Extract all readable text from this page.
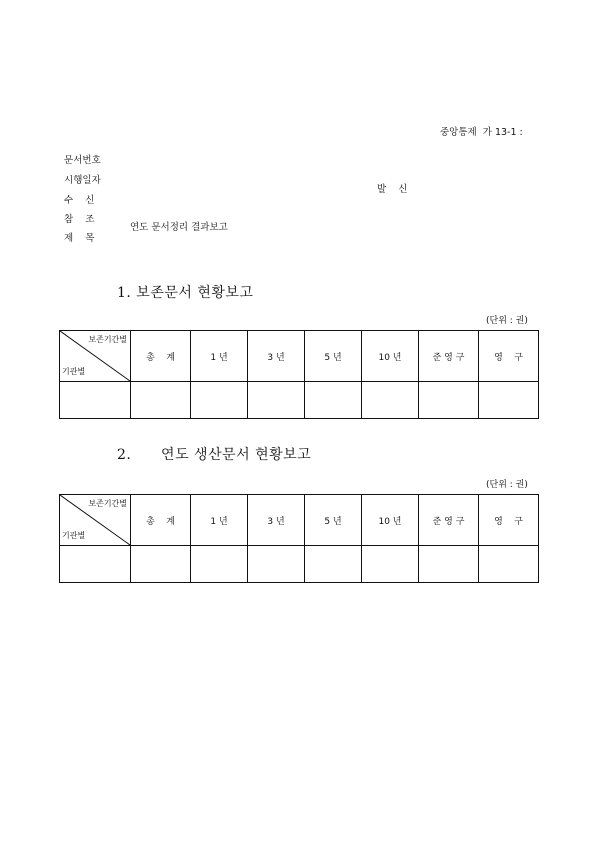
중앙통제  가 13-1 :

문서번호

시행일자

수    신

참    조

제    목

연도 문서정리 결과보고

발    신
1. 보존문서 현황보고
(단위 : 권)

보존기간별

기관별	총    계	1 년	3 년	5 년	10 년	준 영 구	영    구

2.      연도 생산문서 현황보고
(단위 : 권)

보존기간별

기관별	총    계	1 년	3 년	5 년	10 년	준 영 구	영    구
